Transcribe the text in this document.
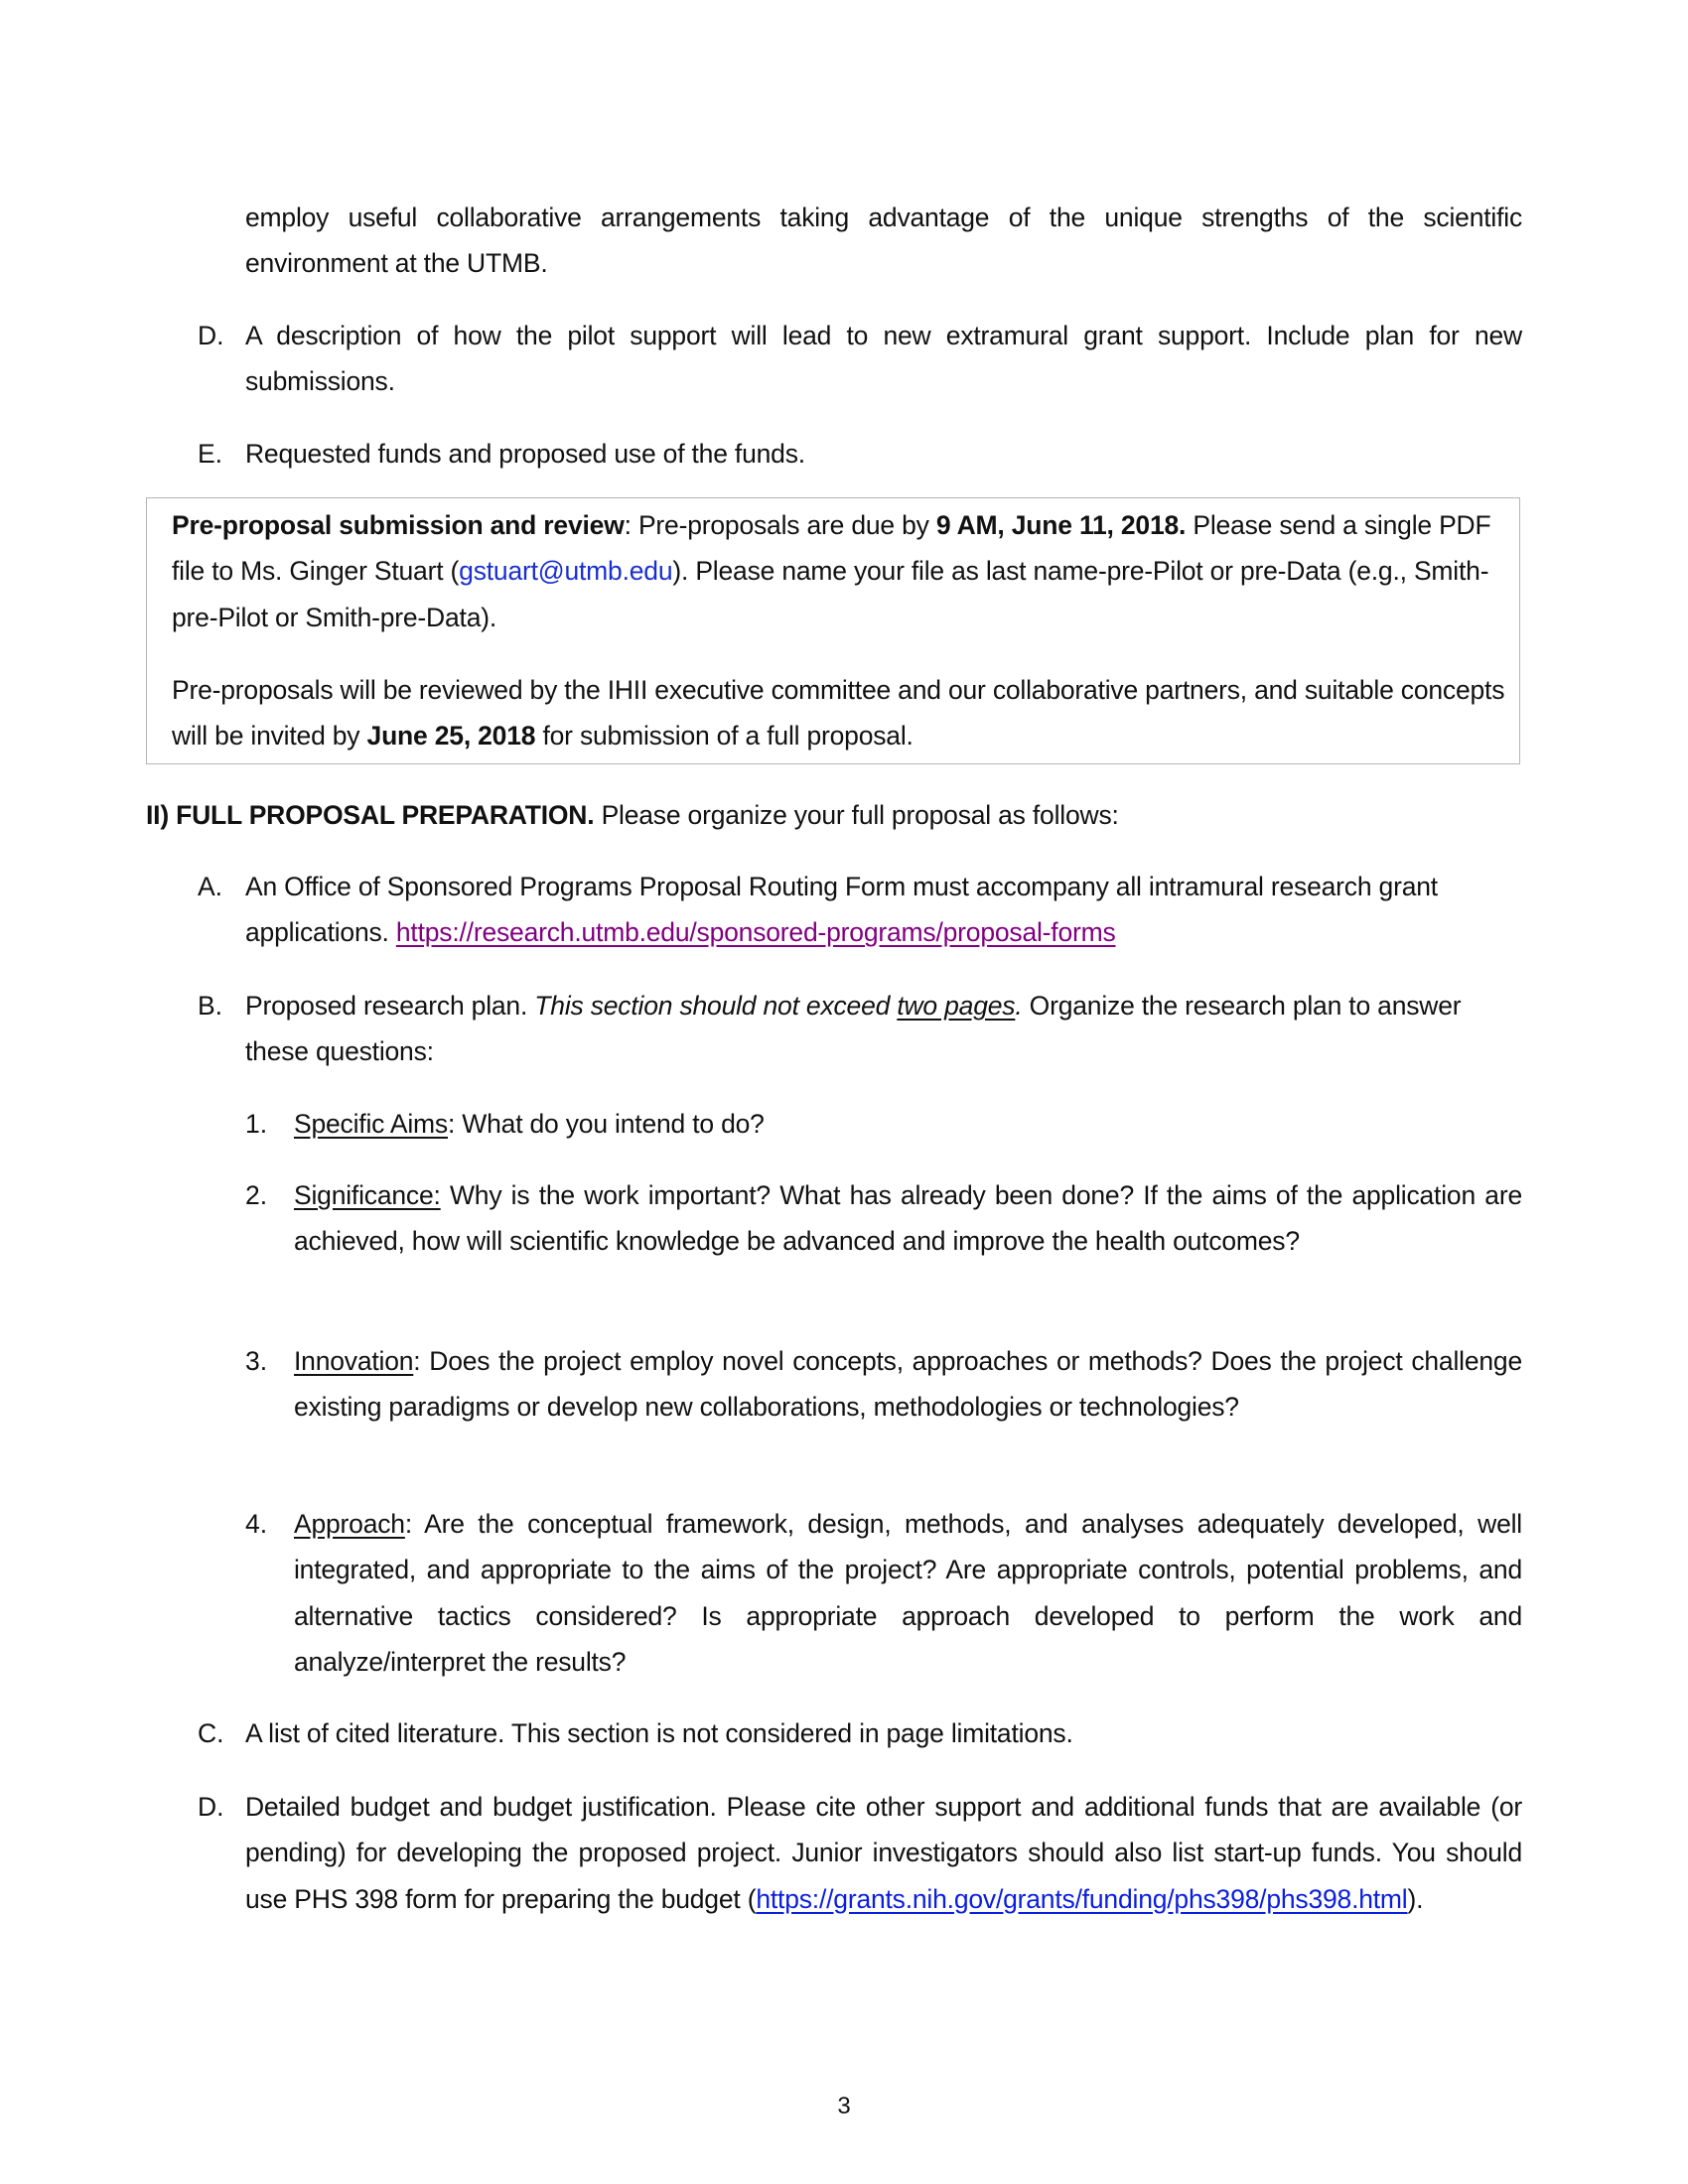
employ useful collaborative arrangements taking advantage of the unique strengths of the scientific environment at the UTMB.
D. A description of how the pilot support will lead to new extramural grant support. Include plan for new submissions.
E. Requested funds and proposed use of the funds.
Pre-proposal submission and review: Pre-proposals are due by 9 AM, June 11, 2018. Please send a single PDF file to Ms. Ginger Stuart (gstuart@utmb.edu). Please name your file as last name-pre-Pilot or pre-Data (e.g., Smith-pre-Pilot or Smith-pre-Data).
Pre-proposals will be reviewed by the IHII executive committee and our collaborative partners, and suitable concepts will be invited by June 25, 2018 for submission of a full proposal.
II) FULL PROPOSAL PREPARATION. Please organize your full proposal as follows:
A. An Office of Sponsored Programs Proposal Routing Form must accompany all intramural research grant applications. https://research.utmb.edu/sponsored-programs/proposal-forms
B. Proposed research plan. This section should not exceed two pages. Organize the research plan to answer these questions:
1. Specific Aims: What do you intend to do?
2. Significance: Why is the work important? What has already been done? If the aims of the application are achieved, how will scientific knowledge be advanced and improve the health outcomes?
3. Innovation: Does the project employ novel concepts, approaches or methods? Does the project challenge existing paradigms or develop new collaborations, methodologies or technologies?
4. Approach: Are the conceptual framework, design, methods, and analyses adequately developed, well integrated, and appropriate to the aims of the project? Are appropriate controls, potential problems, and alternative tactics considered? Is appropriate approach developed to perform the work and analyze/interpret the results?
C. A list of cited literature. This section is not considered in page limitations.
D. Detailed budget and budget justification. Please cite other support and additional funds that are available (or pending) for developing the proposed project. Junior investigators should also list start-up funds. You should use PHS 398 form for preparing the budget (https://grants.nih.gov/grants/funding/phs398/phs398.html).
3
